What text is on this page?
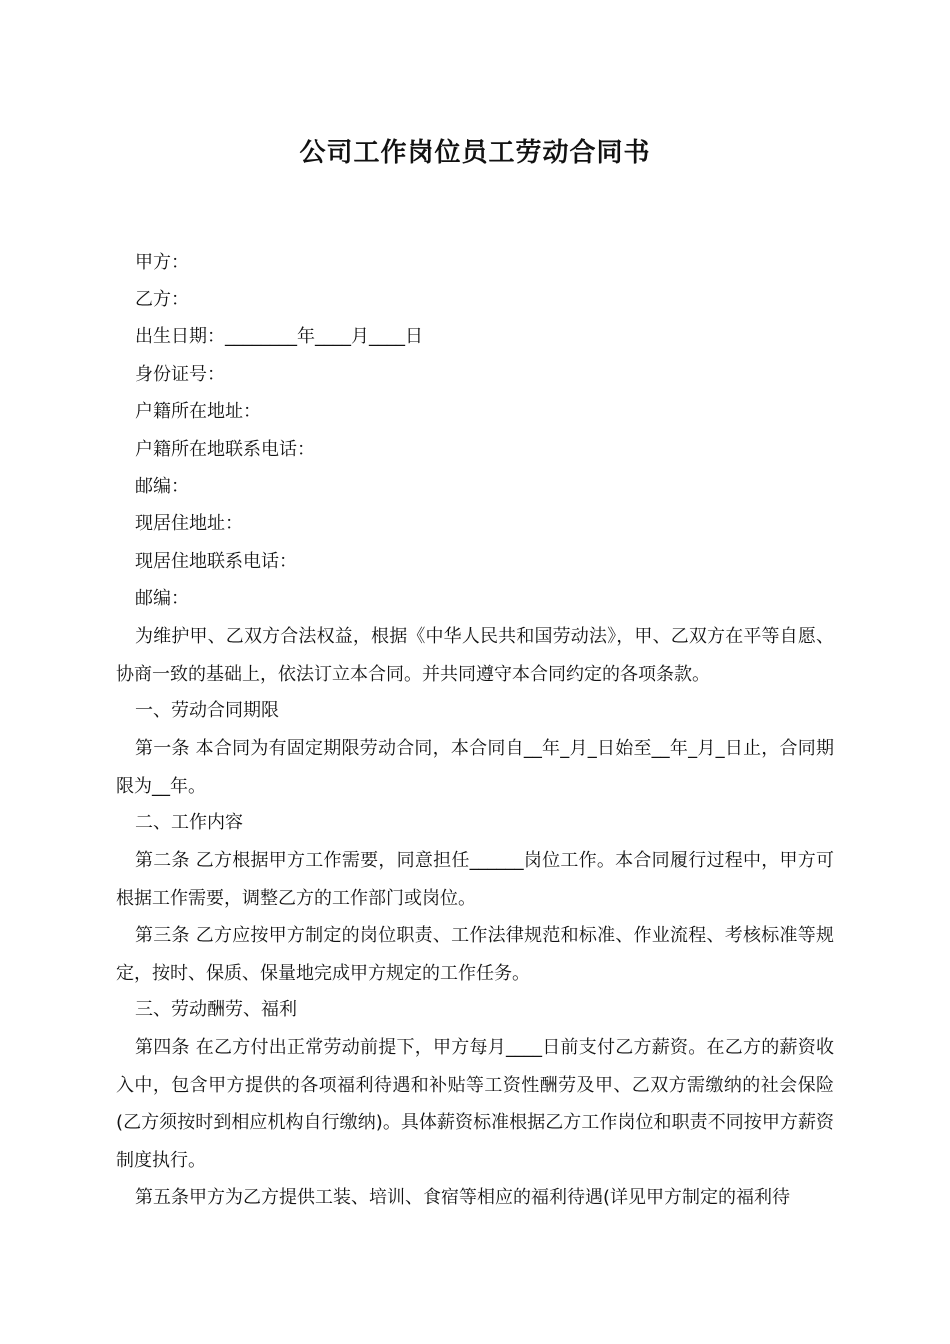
公司工作岗位员工劳动合同书
甲方：
乙方：
出生日期：________年____月____日
身份证号：
户籍所在地址：
户籍所在地联系电话：
邮编：
现居住地址：
现居住地联系电话：
邮编：

为维护甲、乙双方合法权益，根据《中华人民共和国劳动法》，甲、乙双方在平等自愿、协商一致的基础上，依法订立本合同。并共同遵守本合同约定的各项条款。

一、劳动合同期限

第一条 本合同为有固定期限劳动合同，本合同自__年_月_日始至__年_月_日止，合同期限为__年。

二、工作内容

第二条 乙方根据甲方工作需要，同意担任______岗位工作。本合同履行过程中，甲方可根据工作需要，调整乙方的工作部门或岗位。

第三条 乙方应按甲方制定的岗位职责、工作法律规范和标准、作业流程、考核标准等规定，按时、保质、保量地完成甲方规定的工作任务。

三、劳动酬劳、福利

第四条 在乙方付出正常劳动前提下，甲方每月____日前支付乙方薪资。在乙方的薪资收入中，包含甲方提供的各项福利待遇和补贴等工资性酬劳及甲、乙双方需缴纳的社会保险(乙方须按时到相应机构自行缴纳)。具体薪资标准根据乙方工作岗位和职责不同按甲方薪资制度执行。

第五条甲方为乙方提供工装、培训、食宿等相应的福利待遇(详见甲方制定的福利待
